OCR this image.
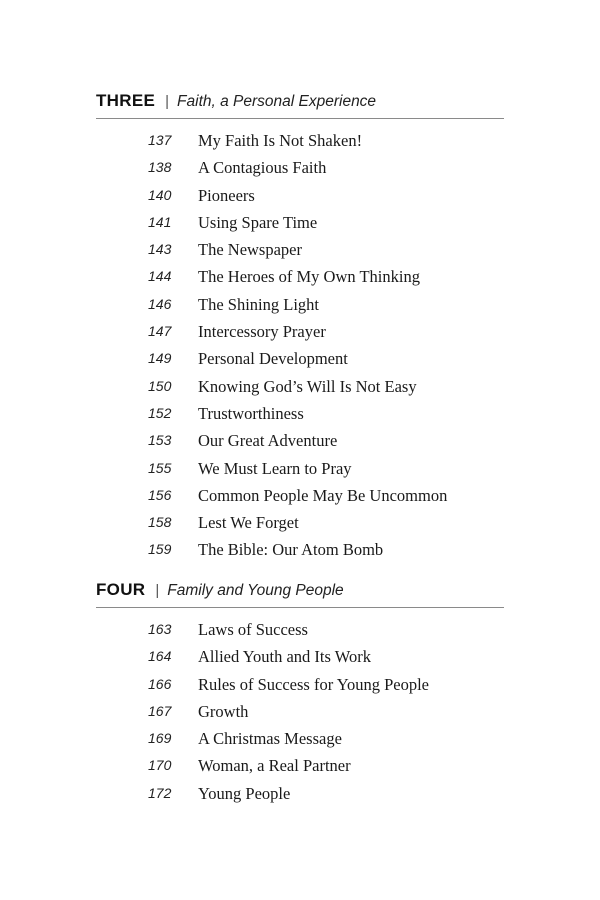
THREE | Faith, a Personal Experience
137 My Faith Is Not Shaken!
138 A Contagious Faith
140 Pioneers
141 Using Spare Time
143 The Newspaper
144 The Heroes of My Own Thinking
146 The Shining Light
147 Intercessory Prayer
149 Personal Development
150 Knowing God’s Will Is Not Easy
152 Trustworthiness
153 Our Great Adventure
155 We Must Learn to Pray
156 Common People May Be Uncommon
158 Lest We Forget
159 The Bible: Our Atom Bomb
FOUR | Family and Young People
163 Laws of Success
164 Allied Youth and Its Work
166 Rules of Success for Young People
167 Growth
169 A Christmas Message
170 Woman, a Real Partner
172 Young People
